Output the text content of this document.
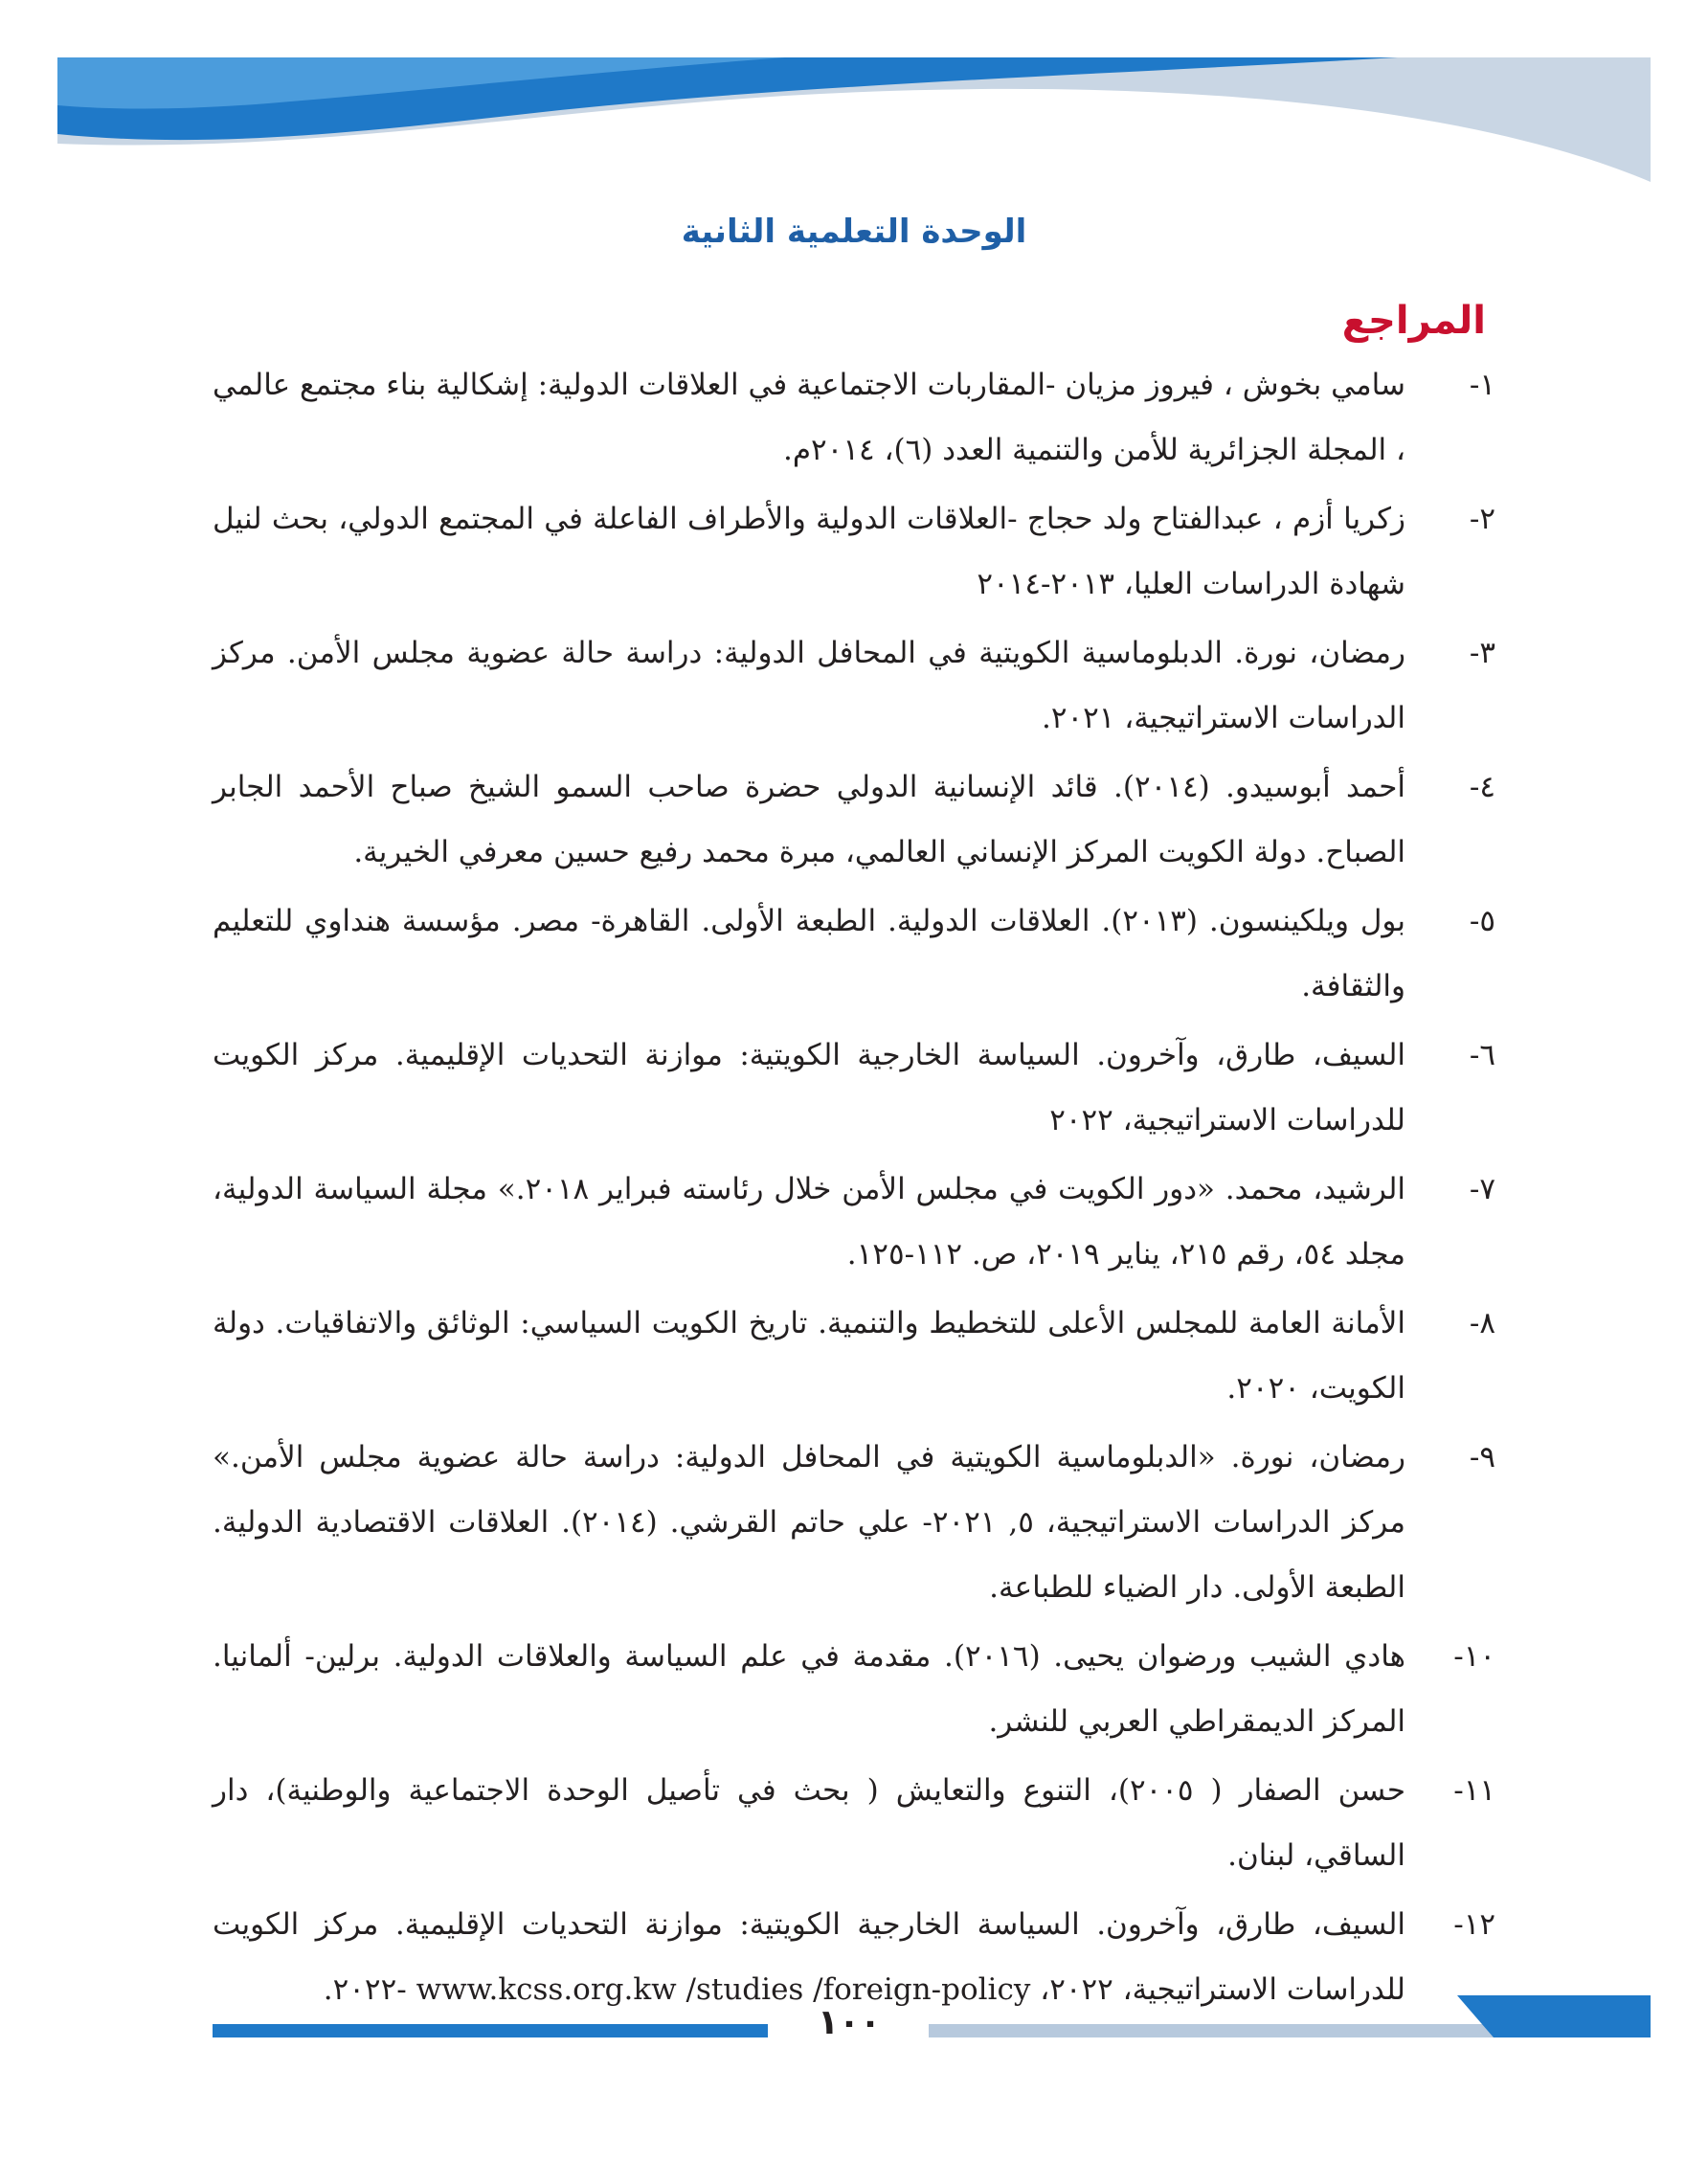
الوحدة التعلمية الثانية
المراجع
١-
سامي بخوش ، فيروز مزيان -المقاربات الاجتماعية في العلاقات الدولية: إشكالية بناء مجتمع عالمي ، المجلة الجزائرية للأمن والتنمية العدد (٦)، ٢٠١٤م.
٢-
زكريا أزم ، عبدالفتاح ولد حجاج -العلاقات الدولية والأطراف الفاعلة في المجتمع الدولي، بحث لنيل شهادة الدراسات العليا، ٢٠١٣-٢٠١٤
٣-
رمضان، نورة. الدبلوماسية الكويتية في المحافل الدولية: دراسة حالة عضوية مجلس الأمن. مركز الدراسات الاستراتيجية، ٢٠٢١.
٤-
أحمد أبوسيدو. (٢٠١٤). قائد الإنسانية الدولي حضرة صاحب السمو الشيخ صباح الأحمد الجابر الصباح. دولة الكويت المركز الإنساني العالمي، مبرة محمد رفيع حسين معرفي الخيرية.
٥-
بول ويلكينسون. (٢٠١٣). العلاقات الدولية. الطبعة الأولى. القاهرة- مصر. مؤسسة هنداوي للتعليم والثقافة.
٦-
السيف، طارق، وآخرون. السياسة الخارجية الكويتية: موازنة التحديات الإقليمية. مركز الكويت للدراسات الاستراتيجية، ٢٠٢٢
٧-
الرشيد، محمد. «دور الكويت في مجلس الأمن خلال رئاسته فبراير ٢٠١٨.» مجلة السياسة الدولية، مجلد ٥٤، رقم ٢١٥، يناير ٢٠١٩، ص. ١١٢-١٢٥.
٨-
الأمانة العامة للمجلس الأعلى للتخطيط والتنمية. تاريخ الكويت السياسي: الوثائق والاتفاقيات. دولة الكويت، ٢٠٢٠.
٩-
رمضان، نورة. «الدبلوماسية الكويتية في المحافل الدولية: دراسة حالة عضوية مجلس الأمن.» مركز الدراسات الاستراتيجية، ٥, ٢٠٢١- علي حاتم القرشي. (٢٠١٤). العلاقات الاقتصادية الدولية. الطبعة الأولى. دار الضياء للطباعة.
١٠-
هادي الشيب ورضوان يحيى. (٢٠١٦). مقدمة في علم السياسة والعلاقات الدولية. برلين- ألمانيا. المركز الديمقراطي العربي للنشر.
١١-
حسن الصفار ( ٢٠٠٥)، التنوع والتعايش ( بحث في تأصيل الوحدة الاجتماعية والوطنية)، دار الساقي، لبنان.
١٢-
السيف، طارق، وآخرون. السياسة الخارجية الكويتية: موازنة التحديات الإقليمية. مركز الكويت للدراسات الاستراتيجية، ٢٠٢٢، www.kcss.org.kw /studies /foreign-policy -٢٠٢٢.
١٠٠
